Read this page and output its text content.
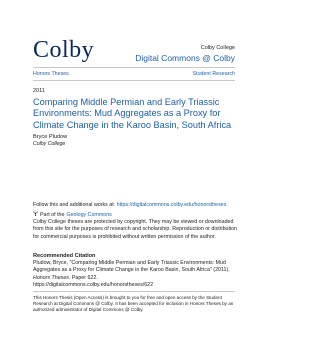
Colby	Colby College
Digital Commons @ Colby
Honors Theses	Student Research
2011
Comparing Middle Permian and Early Triassic Environments: Mud Aggregates as a Proxy for Climate Change in the Karoo Basin, South Africa
Bryce Pludow
Colby College
Follow this and additional works at: https://digitalcommons.colby.edu/honorstheses
Part of the Geology Commons
Colby College theses are protected by copyright. They may be viewed or downloaded from this site for the purposes of research and scholarship. Reproduction or distribution for commercial purposes is prohibited without written permission of the author.
Recommended Citation
Pludow, Bryce, "Comparing Middle Permian and Early Triassic Environments: Mud Aggregates as a Proxy for Climate Change in the Karoo Basin, South Africa" (2011). Honors Theses. Paper 622.
https://digitalcommons.colby.edu/honorstheses/622
This Honors Thesis (Open Access) is brought to you for free and open access by the Student Research at Digital Commons @ Colby. It has been accepted for inclusion in Honors Theses by an authorized administrator of Digital Commons @ Colby.
